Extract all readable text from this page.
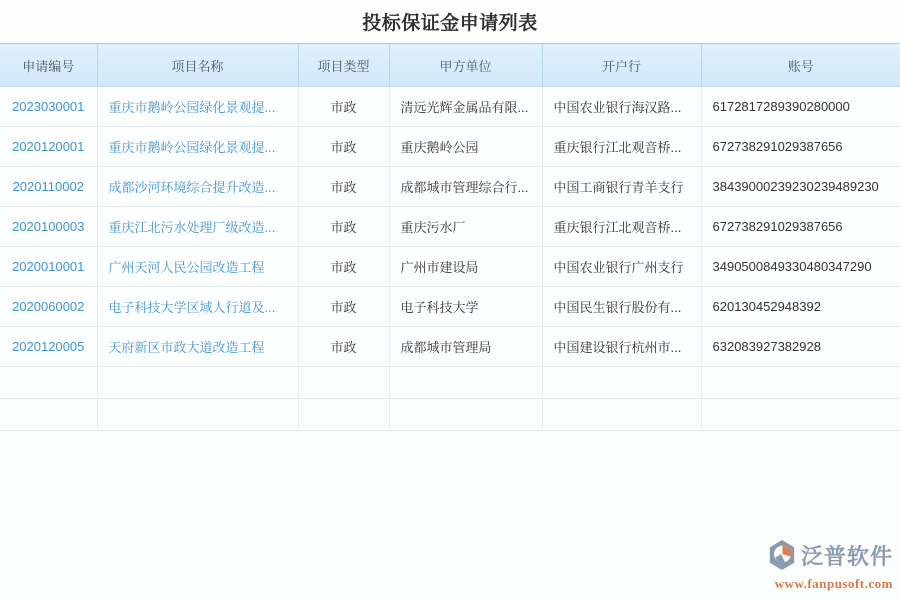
投标保证金申请列表
申请编号	项目名称	项目类型	甲方单位	开户行	账号
2023030001	重庆市鹅岭公园绿化景观提...	市政	清远光辉金属品有限...	中国农业银行海汉路...	6172817289390280000
2020120001	重庆市鹅岭公园绿化景观提...	市政	重庆鹅岭公园	重庆银行江北观音桥...	672738291029387656
2020110002	成都沙河环境综合提升改造...	市政	成都城市管理综合行...	中国工商银行青羊支行	38439000239230239489230
2020100003	重庆江北污水处理厂级改造...	市政	重庆污水厂	重庆银行江北观音桥...	672738291029387656
2020010001	广州天河人民公园改造工程	市政	广州市建设局	中国农业银行广州支行	3490500849330480347290
2020060002	电子科技大学区域人行道及...	市政	电子科技大学	中国民生银行股份有...	620130452948392
2020120005	天府新区市政大道改造工程	市政	成都城市管理局	中国建设银行杭州市...	632083927382928

泛普软件
www.fanpusoft.com
